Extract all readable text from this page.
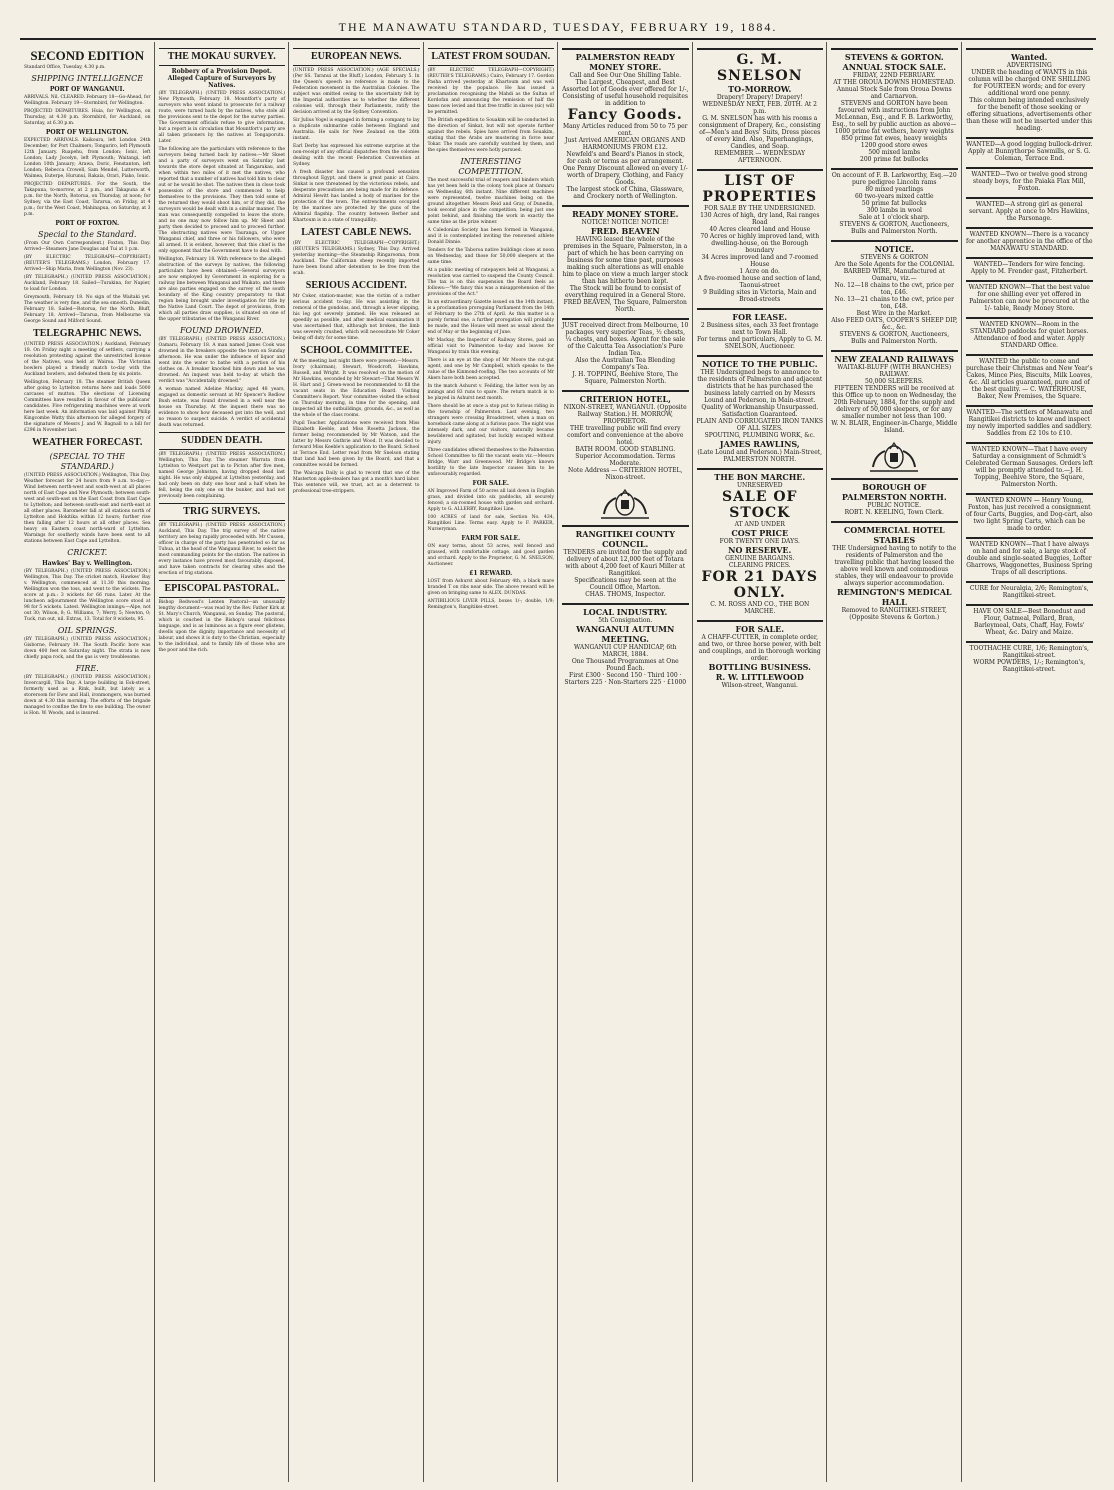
THE MANAWATU STANDARD, TUESDAY, FEBRUARY 19, 1884.
SECOND EDITION

Standard Office, Tuesday, 4.30 p.m.

SHIPPING INTELLIGENCE
PORT OF WANGANUI.

ARRIVALS. Nil. CLEARED. February 18—Go-Ahead, for Wellington. February 19—Stormbird, for Wellington.

PROJECTED DEPARTURES. Huia, for Wellington, on Thursday, at 4.30 p.m. Stormbird, for Auckland, on Saturday, at 6.30 p.m.

PORT OF WELLINGTON.

EXPECTED ARRIVALS. Kaikoura, left London 24th December; for Port Chalmers; Tongariro, left Plymouth 12th January. Ruapehu, from London; Ionic, left London; Lady Jocelyn, left Plymouth; Waitangi, left London 10th January; Arawa, Doric, Fenstanton, left London; Rebecca Crowell, Sam Mendel, Lutterworth, Waimea, Euterpe, Hurunui, Rakaia, Orari, Piako, Ionic.

PROJECTED DEPARTURES. For the South, the Takapuna, to-morrow, at 2 p.m., and Takapuna at 4 p.m. for the North, Rotorua, on Thursday, at noon; for Sydney, via the East Coast, Tararua, on Friday, at 4 p.m.; for the West Coast, Mahinapua, on Saturday, at 3 p.m.

PORT OF FOXTON.
Special to the Standard.

(From Our Own Correspondent.) Foxton, This Day. Arrived—Steamers Jane Douglas and Tui at 1 p.m.

(BY ELECTRIC TELEGRAPH—COPYRIGHT.) (REUTER'S TELEGRAMS.) London, February 17. Arrived—Ship Maria, from Wellington (Nov. 23).

(BY TELEGRAPH.) (UNITED PRESS ASSOCIATION.) Auckland, February 18. Sailed—Turakina, for Napier, to load for London.

Greymouth, February 18. No sign of the Waitaki yet. The weather is very fine, and the sea smooth. Dunedin, February 18. Sailed—Rotorua, for the North. Bluff, February 18. Arrived—Tararua, from Melbourne via George Sound and Milford Sound.

TELEGRAPHIC NEWS.

(UNITED PRESS ASSOCIATION.) Auckland, February 18. On Friday night a meeting of settlers, carrying a resolution protesting against the unrestricted license of the Natives, was held at Wairoa. The Victorian bowlers played a friendly match to-day with the Auckland bowlers, and defeated them by six points.

Wellington, February 18. The steamer British Queen after going to Lyttelton returns here and loads 5000 carcases of mutton. The elections of Licensing Committees have resulted in favour of the publicans' candidates. Five refrigerating machines were at work here last week. An information was laid against Philip Kingcombe Watty this afternoon for alleged forgery of the signature of Messrs J. and W. Bagnall to a bill for £296 in November last.

WEATHER FORECAST.
(SPECIAL TO THE STANDARD.)

(UNITED PRESS ASSOCIATION.) Wellington, This Day. Weather forecast for 24 hours from 9 a.m. to-day:— Wind between north-west and south-west at all places north of East Cape and New Plymouth; between south-west and south-east on the East Coast from East Cape to Lyttelton; and between south-east and north-east at all other places. Barometer fall at all stations north of Lyttelton and Hokitika within 12 hours; further rise then falling after 12 hours at all other places. Sea heavy on Eastern coast north-ward of Lyttelton. Warnings for southerly winds have been sent to all stations between East Cape and Lyttelton.

CRICKET.
Hawkes' Bay v. Wellington.

(BY TELEGRAPH.) (UNITED PRESS ASSOCIATION.) Wellington, This Day. The cricket match, Hawkes' Bay v. Wellington, commenced at 11.30 this morning. Wellington won the toss, and went to the wickets. The score at p.m.: 3 wickets for 66 runs. Later. At the luncheon adjournment the Wellington score stood at 98 for 5 wickets. Latest. Wellington innings:—Alpe, not out 30; Wilson, 8; G. Williams, 7; Werry, 5; Newton, 0; Tuck, run out, nil. Extras, 13. Total for 8 wickets, 95.

OIL SPRINGS.

(BY TELEGRAPH.) (UNITED PRESS ASSOCIATION.) Gisborne, February 19. The South Pacific bore was down 400 feet on Saturday night. The strata is now chiefly papa rock, and the gas is very troublesome.

FIRE.

(BY TELEGRAPH.) (UNITED PRESS ASSOCIATION.) Invercargill, This Day. A large building in Esk-street, formerly used as a Rink, built, but lately as a storeroom for Eww and Hall, ironmongers, was burned down at 4.30 this morning. The efforts of the brigade managed to confine the fire to one building. The owner is Hon. W. Woods, and is insured.

THE MOKAU SURVEY.
Robbery of a Provision Depot. Alleged Capture of Surveyors by Natives.

(BY TELEGRAPH.) (UNITED PRESS ASSOCIATION.) New Plymouth, February 18. Mountfort's party of surveyors who went inland to prosecute for a railway route, were turned back by the natives, who stole all the provisions sent to the depot for the survey parties. The Government officials refuse to give information, but a report is in circulation that Mountfort's party are all taken prisoners by the natives at Tongaporutu. Later.

The following are the particulars with reference to the surveyors being turned back by natives:—Mr Skeet and a party of surveyors went on Saturday last towards the store depot situated at Tangarakau, and when within two miles of it met the natives, who reported that a number of natives had told him to clear out or he would be shot. The natives then in close took possession of the store and commenced to help themselves to the provisions. They then told some of the returned they would shoot him, or if they did, the surveyors would be dealt with in a similar manner. The man was consequently compelled to leave the store, and no one may now follow him up. Mr Skeet and party then decided to proceed and to proceed further. The obstructing natives were Tauranga, or Upper Wanganui chief, and three or his followers, who were all armed. It is evident, however, that this chief is the only opponent that the Government have to deal with.

Wellington, February 18. With reference to the alleged obstruction of the surveys by natives, the following particulars have been obtained:—Several surveyors are now employed by Government in exploring for a railway line between Wanganui and Waikato, and these are also parties engaged on the survey of the south boundary of the King country preparatory to that region being brought under investigation for title by the Native Land Court. The depot of provisions, from which all parties draw supplies, is situated on one of the upper tributaries of the Wanganui River.

FOUND DROWNED.

(BY TELEGRAPH.) (UNITED PRESS ASSOCIATION.) Oamaru, February 18. A man named James Cook was drowned in the breakers opposite the town on Sunday afternoon. He was under the influence of liquor and went into the water to bathe with a portion of his clothes on. A breaker knocked him down and he was drowned. An inquest was held to-day at which the verdict was "Accidentally drowned."

A woman named Adeline Mackay, aged 48 years, engaged as domestic servant at Mr Spencer's Redlow Bush estate, was found drowned in a well near the house on Thursday. At the inquest there was no evidence to show how deceased got into the well, and no reason to suspect suicide. A verdict of accidental death was returned.

SUDDEN DEATH.

(BY TELEGRAPH.) (UNITED PRESS ASSOCIATION.) Wellington, This Day. The steamer Warrata from Lyttelton to Westport put in to Picton after five men, named George Johnston, having dropped dead last night. He was only shipped at Lyttelton yesterday, and had only been on duty one hour and a half when he fell, being the only one on the bunker, and had not previously been complaining.

TRIG SURVEYS.

(BY TELEGRAPH.) (UNITED PRESS ASSOCIATION.) Auckland, This Day. The trig survey of the native territory are being rapidly proceeded with. Mr Cussen, officer in charge of the party has penetrated so far as Tuhua, at the head of the Wanganui River, to select the most commanding points for the station. The natives in every instance have proved most favourably disposed, and have taken contracts for clearing sites and the erection of trig stations.

EPISCOPAL PASTORAL.

Bishop Redwood's Lenten Pastoral—an unusually lengthy document—was read by the Rev. Father Kirk at St. Mary's Church, Wanganui, on Sunday. The pastoral, which is couched in the Bishop's usual felicitous language, and is as luminous as a figure ever glistens, dwells upon the dignity, importance and necessity of labour, and shows it is duty to the Christian, especially to the individual, and to family life of those who are the poor and the rich.

EUROPEAN NEWS.

(UNITED PRESS ASSOCIATION.) (AGE SPECIALS.) (Per SS. Taranui at the Bluff.) London, February 5. In the Queen's speech no reference is made to the Federation movement in the Australian Colonies. The subject was omitted owing to the uncertainty felt by the Imperial authorities as to whether the different colonies will, through their Parliaments, ratify the decision arrived at by the Sydney Convention.

Sir Julius Vogel is engaged in forming a company to lay a duplicate submarine cable between England and Australia. He sails for New Zealand on the 26th instant.

Earl Derby has expressed his extreme surprise at the non-receipt of any official dispatches from the colonies dealing with the recent Federation Convention at Sydney.

A fresh disaster has caused a profound sensation throughout Egypt, and there is great panic at Cairo. Sinkat is now threatened by the victorious rebels, and desperate precautions are being made for its defence. Admiral Hewitt has landed a body of marines for the protection of the town. The entrenchments occupied by the marines are protected by the guns of the Admiral flagship. The country between Berber and Khartoum is in a state of tranquillity.

LATEST CABLE NEWS.

(BY ELECTRIC TELEGRAPH—COPYRIGHT.) (REUTER'S TELEGRAMS.) Sydney, This Day. Arrived yesterday morning—the Steamship Ringarooma, from Auckland. The Californian sheep recently imported have been found after detention to be free from the scab.

SERIOUS ACCIDENT.

Mr Coker, station-master, was the victim of a rather serious accident to-day. He was assisting in the removal of the gondolas, and, through a lever slipping, his leg got severely jammed. He was released as speedily as possible, and after medical examination it was ascertained that, although not broken, the limb was severely crushed, which will necessitate Mr Coker being off duty for some time.

SCHOOL COMMITTEE.

At the meeting last night there were present:—Messrs. Ivory (chairman), Stewart, Woodcroft, Hawkins, Russell, and Wright. It was resolved on the motion of Mr Hawkins, seconded by Mr Stewart—That Messrs W. H. Hart and J. Green-wood be recommended to fill the vacant seats in the Education Board. Visiting Committee's Report. Your committee visited the school on Thursday morning, in time for the opening, and inspected all the outbuildings, grounds, &c., as well as the whole of the class rooms.

Pupil Teacher. Applications were received from Miss Elizabeth Keeble, and Miss Rosetta Jackson, the former being recommended by Mr Watson, and the latter by Messrs Guthrie and Wood. It was decided to forward Miss Keeble's application to the Board. School at Terrace End. Letter read from Mr Snelson stating that land had been given by the Board, and that a committee would be formed.

The Waicapu Daily is glad to record that one of the Masterton apple-stealers has got a month's hard labor. This sentence will, we trust, act as a deterrent to professional tree-strippers.

LATEST FROM SOUDAN.

(BY ELECTRIC TELEGRAPH—COPYRIGHT.) (REUTER'S TELEGRAMS.) Cairo, February 17. Gordon Pasha arrived yesterday at Khartoum and was well received by the populace. He has issued a proclamation recognising the Mahdi as the Sultan of Kordofan and announcing the remission of half the taxes now levied and that free traffic in slaves (sic) will be permitted.

The British expedition to Souakim will be conducted in the direction of Sinkat, but will not operate further against the rebels. Spies have arrived from Souakim, stating that the Arabs are mustering in force near Tokar. The roads are carefully watched by them, and the spies themselves were hotly pursued.

INTERESTING COMPETITION.

The most successful trial of reapers and binders which has yet been held in the colony took place at Oamaru on Wednesday, 6th instant. Nine different machines were represented, twelve machines being on the ground altogether. Messrs Reid and Gray, of Dunedin, took second place in the competition, being just one point behind, and finishing the work in exactly the same time as the prize winner.

A Caledonian Society has been formed in Wanganui, and it is contemplated inviting the renowned athlete Donald Dinnie.

Tenders for the Taboroa native buildings close at noon on Wednesday, and those for 50,000 sleepers at the same time.

At a public meeting of ratepayers held at Wanganui, a resolution was carried to suspend the County Council. The tax is on this suspension the Board feels as follows:—"We fancy this was a misapprehension of the provisions of the Act."

In an extraordinary Gazette issued on the 14th instant, is a proclamation proroguing Parliament from the 14th of February to the 27th of April. As this matter is a purely formal one, a further prorogation will probably be made, and the House will meet as usual about the end of May or the beginning of June.

Mr Mackay, the Inspector of Railway Stores, paid an official visit to Palmerston to-day and leaves for Wanganui by train this evening.

There is an eye at the shop of Mr Moore the cut-gut agent, and one by Mr Campbell, which speaks to the value of the Kinmond-roofing. The two accounts of Mr Akers have both been accepted.

In the match Ashurst v. Feilding, the latter won by an innings and 83 runs to spare. The return match is to be played in Ashurst next month.

There should be at once a stop put to furious riding in the township of Palmerston. Last evening, two strangers were crossing Broadstreet, when a man on horseback came along at a furious pace. The night was intensely dark, and our visitors, naturally became bewildered and agitated, but luckily escaped without injury.

Three candidates offered themselves to the Palmerston School Committee to fill the vacant seats viz.—Messrs Bridge, Warr and Greenwood. Mr Bridge's known hostility to the late Inspector causes him to be unfavourably regarded.

FOR SALE.

AN Improved Farm of 50 acres all laid down in English grass, and divided into six paddocks, all securely fenced; a six-roomed house with garden and orchard. Apply to G. ALLERBY, Rangitikei Line.

100 ACRES of land for sale, Section No. 434, Rangitikei Line. Terms easy. Apply to F. PARKER, Nurseryman.

FARM FOR SALE.

ON easy terms, about 53 acres, well fenced and grassed, with comfortable cottage, and good garden and orchard. Apply to the Proprietor, G. M. SNELSON, Auctioneer.

£1 REWARD.

LOST from Ashurst about February 4th, a black mare branded T on ribs near side. The above reward will be given on bringing same to ALEX. DUNDAS.

ANTIBILIOUS LIVER PILLS, boxes 1/-; double, 1/9; Remington's, Rangitikei-street.

PALMERSTON READY MONEY STORE.
Call and See Our One Shilling Table.
The Largest, Cheapest, and Best Assorted lot of Goods ever offered for 1/-, Consisting of useful household requisites in addition to
Fancy Goods.
Many Articles reduced from 50 to 75 per cent.
Just Arrived AMERICAN ORGANS AND HARMONIUMS FROM £12.
Newfeld's and Beard's Pianos in stock, for cash or terms as per arrangement.
One Penny Discount allowed on every 1/- worth of Drapery, Clothing, and Fancy Goods.
The largest stock of China, Glassware, and Crockery north of Wellington.
READY MONEY STORE.
NOTICE! NOTICE! NOTICE!
FRED. BEAVEN
HAVING leased the whole of the premises in the Square, Palmerston, in a part of which he has been carrying on business for some time past, purposes making such alterations as will enable him to place on view a much larger stock than has hitherto been kept.
The Stock will be found to consist of everything required in a General Store.
FRED BEAVEN, The Square, Palmerston North.
JUST received direct from Melbourne, 10 packages very superior Teas, ½ chests, ¼ chests, and boxes. Agent for the sale of the Calcutta Tea Association's Pure Indian Tea.
Also the Australian Tea Blending Company's Tea.
J. H. TOPPING, Beehive Store, The Square, Palmerston North.
CRITERION HOTEL,
NIXON-STREET, WANGANUI. (Opposite Railway Station.) H. MORROW, PROPRIETOR.
THE travelling public will find every comfort and convenience at the above hotel.
BATH ROOM. GOOD STABLING. Superior Accommodation. Terms Moderate.
Note Address — CRITERION HOTEL, Nixon-street.
RANGITIKEI COUNTY COUNCIL.
TENDERS are invited for the supply and delivery of about 12,000 feet of Totara with about 4,200 feet of Kauri Miller at Rangitikei.
Specifications may be seen at the Council Office, Marton.
CHAS. THOMS, Inspector.
LOCAL INDUSTRY.
5th Consignation.
WANGANUI AUTUMN MEETING.
WANGANUI CUP HANDICAP, 6th MARCH, 1884.
One Thousand Programmes at One Pound Each.
First £300 · Second 150 · Third 100 · Starters 225 · Non-Starters 225 · £1000
G. M. SNELSON
TO-MORROW.
Drapery! Drapery! Drapery!
WEDNESDAY NEXT, FEB. 20TH. At 2 p.m.
G. M. SNELSON has with his rooms a consignment of Drapery, &c., consisting of—Men's and Boys' Suits, Dress pieces of every kind. Also, Paperhangings, Candles, and Soap.
REMEMBER — WEDNESDAY AFTERNOON.
LIST OF PROPERTIES
FOR SALE BY THE UNDERSIGNED.
130 Acres of high, dry land, Rai ranges Road
40 Acres cleared land and House
70 Acres or highly improved land, with dwelling-house, on the Borough boundary
34 Acres improved land and 7-roomed House
1 Acre on do.
A five-roomed house and section of land, Taonui-street
9 Building sites in Victoria, Main and Broad-streets
FOR LEASE.
2 Business sites, each 33 feet frontage next to Town Hall.
For terms and particulars, Apply to G. M. SNELSON, Auctioneer.
NOTICE TO THE PUBLIC.
THE Undersigned begs to announce to the residents of Palmerston and adjacent districts that he has purchased the business lately carried on by Messrs Lound and Pederson, in Main-street.
Quality of Workmanship Unsurpassed. Satisfaction Guaranteed.
PLAIN AND CORRUGATED IRON TANKS OF ALL SIZES.
SPOUTING, PLUMBING WORK, &c.
JAMES RAWLINS,
(Late Lound and Pederson.) Main-Street, PALMERSTON NORTH.
THE BON MARCHE.
UNRESERVED
SALE OF STOCK
AT AND UNDER
COST PRICE
FOR TWENTY ONE DAYS.
NO RESERVE.
GENUINE BARGAINS.
CLEARING PRICES.
FOR 21 DAYS ONLY.
C. M. ROSS AND CO., THE BON MARCHE.
FOR SALE.
A CHAFF-CUTTER, in complete order, and two, or three horse power, with belt and couplings, and in thorough working order.
BOTTLING BUSINESS.
R. W. LITTLEWOOD
Wilson-street, Wanganui.
STEVENS & GORTON.
ANNUAL STOCK SALE.
FRIDAY, 22ND FEBRUARY.
AT THE OROUA DOWNS HOMESTEAD.
Annual Stock Sale from Oroua Downs and Carnarvon.
STEVENS and GORTON have been favoured with instructions from John McLennan, Esq., and F. B. Larkworthy, Esq., to sell by public auction as above—
1000 prime fat wethers, heavy weights
850 prime fat ewes, heavy weights
1200 good store ewes
500 mixed lambs
200 prime fat bullocks
On account of F. B. Larkworthy, Esq.—20 pure pedigree Lincoln rams
80 mixed yearlings
60 two-years mixed cattle
50 prime fat bullocks
300 lambs in wool
Sale at 1 o'clock sharp.
STEVENS & GORTON, Auctioneers, Bulls and Palmerston North.
NOTICE.
STEVENS & GORTON
Are the Sole Agents for the COLONIAL BARBED WIRE, Manufactured at Oamaru, viz.—
No. 12—18 chains to the cwt, price per ton, £46.
No. 13—21 chains to the cwt, price per ton, £48.
Best Wire in the Market.
Also FEED OATS, COOPER'S SHEEP DIP, &c., &c.
STEVENS & GORTON, Auctioneers, Bulls and Palmerston North.
NEW ZEALAND RAILWAYS
WAITAKI-BLUFF (WITH BRANCHES) RAILWAY.
50,000 SLEEPERS.
FIFTEEN TENDERS will be received at this Office up to noon on Wednesday, the 20th February, 1884, for the supply and delivery of 50,000 sleepers, or for any smaller number not less than 100.
W. N. BLAIR, Engineer-in-Charge, Middle Island.
BOROUGH OF PALMERSTON NORTH.
PUBLIC NOTICE.
ROBT. N. KEELING, Town Clerk.
COMMERCIAL HOTEL STABLES
THE Undersigned having to notify to the residents of Palmerston and the travelling public that having leased the above well known and commodious stables, they will endeavour to provide always superior accommodation.
REMINGTON'S MEDICAL HALL
Removed to RANGITIKEI-STREET, (Opposite Stevens & Gorton.)
Wanted.
ADVERTISING
UNDER the heading of WANTS in this column will be charged ONE SHILLING for FOURTEEN words; and for every additional word one penny.
This column being intended exclusively for the benefit of those seeking or offering situations, advertisements other than these will not be inserted under this heading.
WANTED—A good logging bullock-driver. Apply at Bunnythorpe Sawmills, or S. G. Coleman, Terrace End.
WANTED—Two or twelve good strong steady boys, for the Paiaka Flax Mill, Foxton.
WANTED—A strong girl as general servant. Apply at once to Mrs Hawkins, the Parsonage.
WANTED KNOWN—There is a vacancy for another apprentice in the office of the MANAWATU STANDARD.
WANTED—Tenders for wire fencing. Apply to M. Frender gast, Fitzherbert.
WANTED KNOWN—That the best value for one shilling ever yet offered in Palmerston can now be procured at the 1/- table, Ready Money Store.
WANTED KNOWN—Room in the STANDARD paddocks for quiet horses. Attendance of food and water. Apply STANDARD Office.
WANTED the public to come and purchase their Christmas and New Year's Cakes, Mince Pies, Biscuits, Milk Loaves, &c. All articles guaranteed, pure and of the best quality. — C. WATERHOUSE, Baker, New Premises, the Square.
WANTED—The settlers of Manawatu and Rangitikei districts to know and inspect my newly imported saddles and saddlery. Saddles from £2 10s to £10.
WANTED KNOWN—That I have every Saturday a consignment of Schmidt's Celebrated German Sausages. Orders left will be promptly attended to.—J. H. Topping, Beehive Store, the Square, Palmerston North.
WANTED KNOWN — Henry Young, Foxton, has just received a consignment of four Carts, Buggies, and Dog-cart, also two light Spring Carts, which can be made to order.
WANTED KNOWN—That I have always on hand and for sale, a large stock of double and single-seated Buggies, Lofter Gharrows, Waggonettes, Business Spring Traps of all descriptions.
CURE for Neuralgia, 2/6; Remington's, Rangitikei-street.
HAVE ON SALE—Best Bonedust and Flour, Oatmeal, Pollard, Bran, Barleymeal, Oats, Chaff, Hay, Fowls' Wheat, &c. Dairy and Maize.
TOOTHACHE CURE, 1/6; Remington's, Rangitikei-street.
WORM POWDERS, 1/-; Remington's, Rangitikei-street.
